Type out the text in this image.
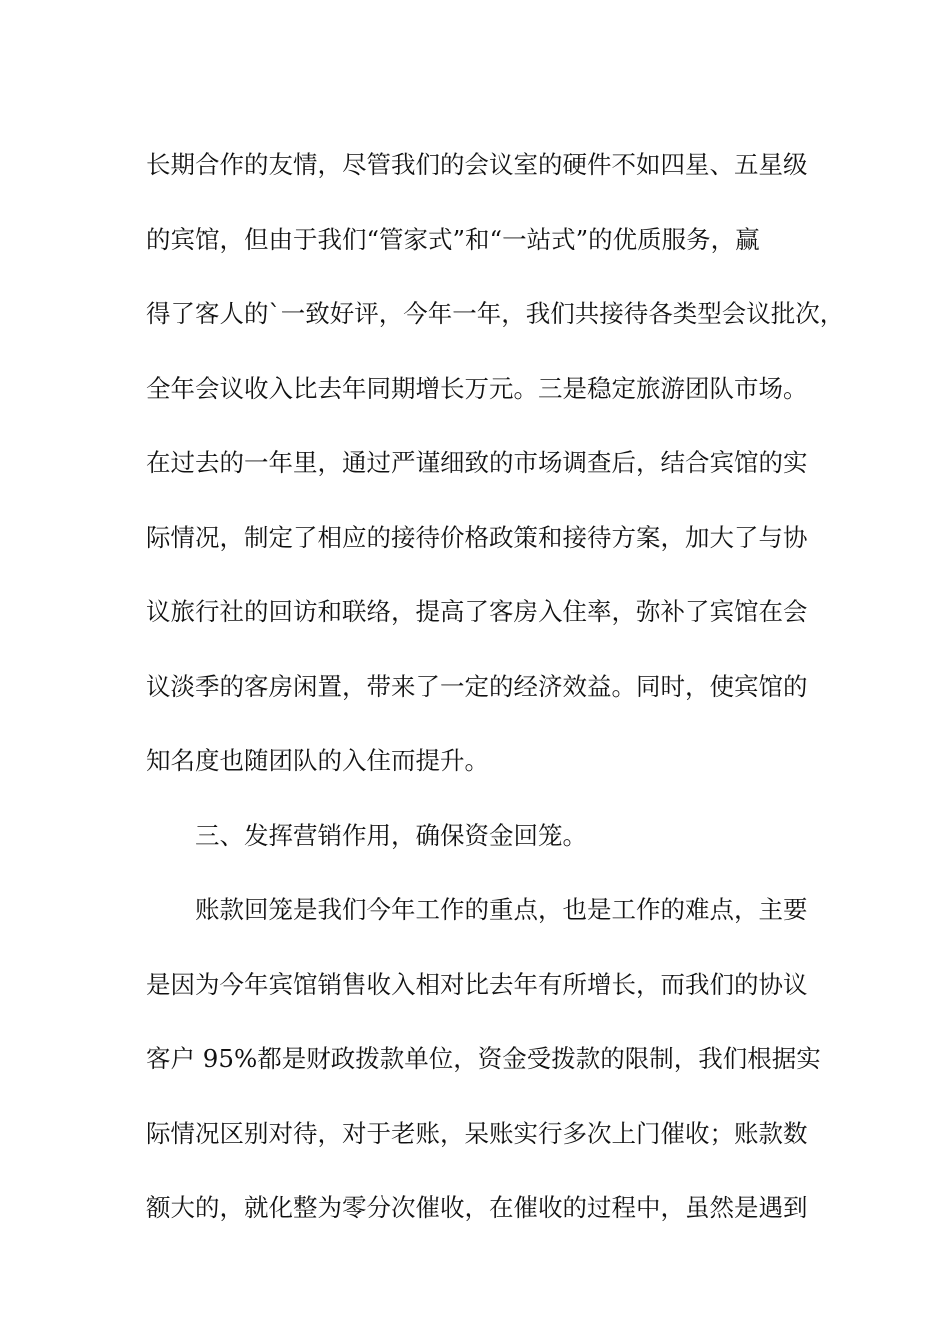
长期合作的友情，尽管我们的会议室的硬件不如四星、五星级
的宾馆，但由于我们“管家式”和“一站式”的优质服务，赢
得了客人的`一致好评，今年一年，我们共接待各类型会议批次，
全年会议收入比去年同期增长万元。三是稳定旅游团队市场。
在过去的一年里，通过严谨细致的市场调查后，结合宾馆的实
际情况，制定了相应的接待价格政策和接待方案，加大了与协
议旅行社的回访和联络，提高了客房入住率，弥补了宾馆在会
议淡季的客房闲置，带来了一定的经济效益。同时，使宾馆的
知名度也随团队的入住而提升。
三、发挥营销作用，确保资金回笼。
账款回笼是我们今年工作的重点，也是工作的难点，主要
是因为今年宾馆销售收入相对比去年有所增长，而我们的协议
客户 95%都是财政拨款单位，资金受拨款的限制，我们根据实
际情况区别对待，对于老账，呆账实行多次上门催收；账款数
额大的，就化整为零分次催收，在催收的过程中，虽然是遇到
